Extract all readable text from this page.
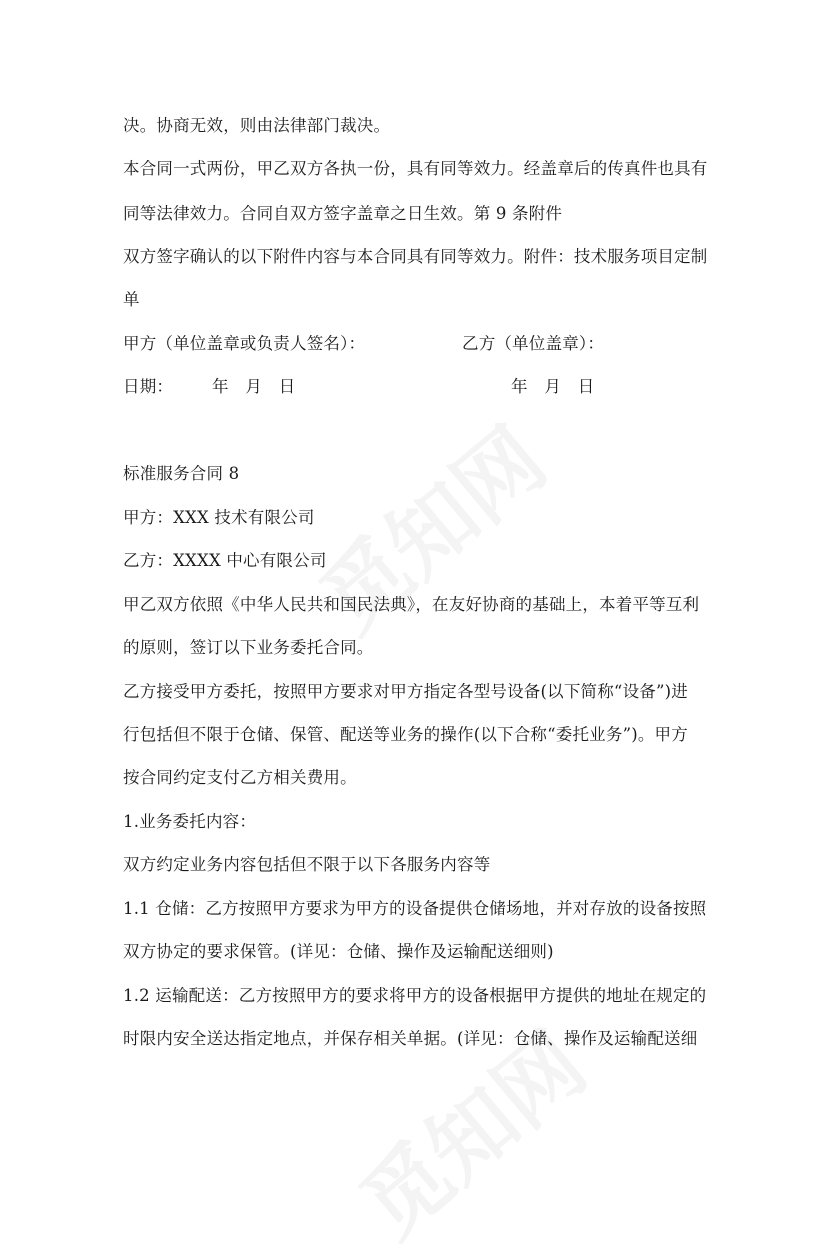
决。协商无效，则由法律部门裁决。
本合同一式两份，甲乙双方各执一份，具有同等效力。经盖章后的传真件也具有
同等法律效力。合同自双方签字盖章之日生效。第 9 条附件
双方签字确认的以下附件内容与本合同具有同等效力。附件：技术服务项目定制
单
甲方（单位盖章或负责人签名）：	乙方（单位盖章）：
日期： 年　月　日	年　月　日
标准服务合同 8
甲方：XXX 技术有限公司
乙方：XXXX 中心有限公司
甲乙双方依照《中华人民共和国民法典》，在友好协商的基础上，本着平等互利
的原则，签订以下业务委托合同。
乙方接受甲方委托，按照甲方要求对甲方指定各型号设备(以下简称“设备”)进
行包括但不限于仓储、保管、配送等业务的操作(以下合称“委托业务”)。甲方
按合同约定支付乙方相关费用。
1.业务委托内容：
双方约定业务内容包括但不限于以下各服务内容等
1.1 仓储：乙方按照甲方要求为甲方的设备提供仓储场地，并对存放的设备按照
双方协定的要求保管。(详见：仓储、操作及运输配送细则)
1.2 运输配送：乙方按照甲方的要求将甲方的设备根据甲方提供的地址在规定的
时限内安全送达指定地点，并保存相关单据。(详见：仓储、操作及运输配送细
